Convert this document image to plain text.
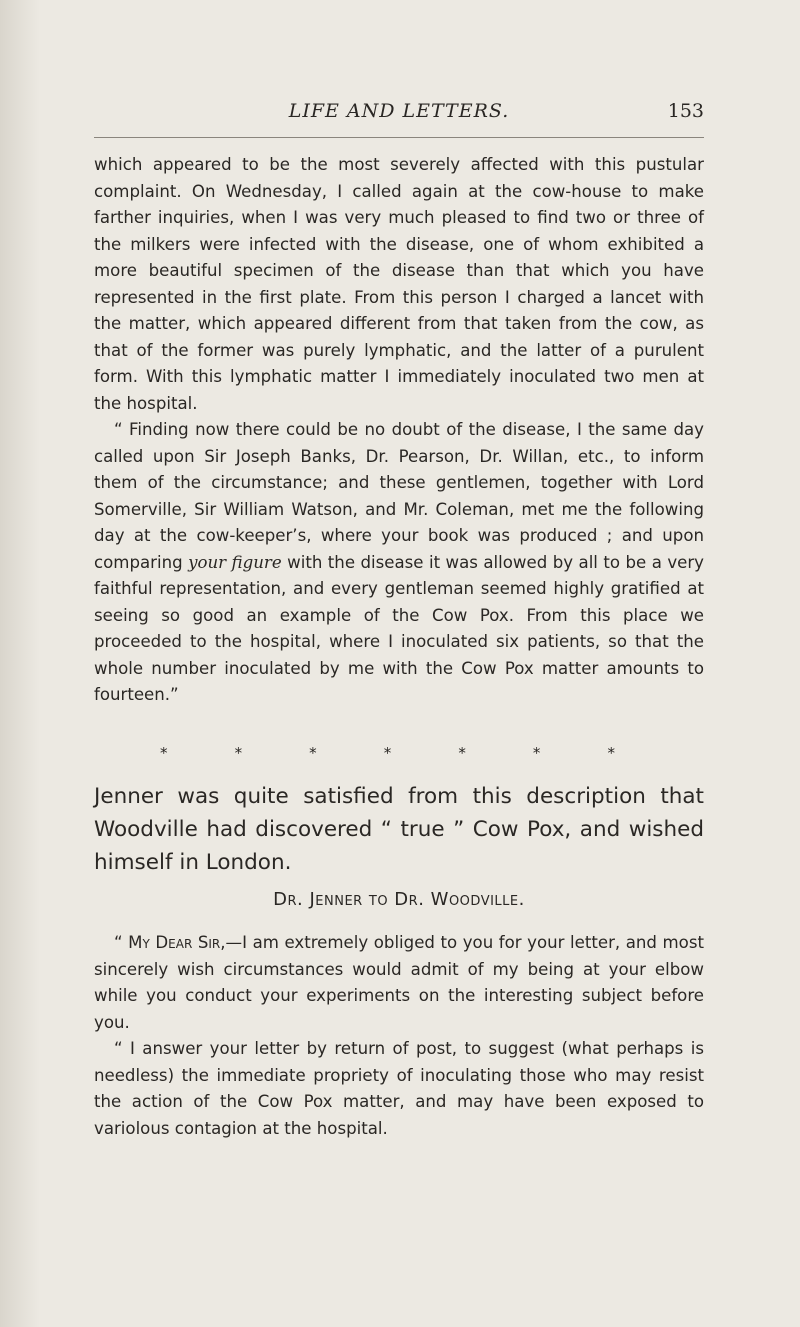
LIFE AND LETTERS.	153

which appeared to be the most severely affected with this pustular complaint. On Wednesday, I called again at the cow-house to make farther inquiries, when I was very much pleased to find two or three of the milkers were infected with the disease, one of whom exhibited a more beautiful specimen of the disease than that which you have represented in the first plate. From this person I charged a lancet with the matter, which appeared different from that taken from the cow, as that of the former was purely lymphatic, and the latter of a purulent form. With this lymphatic matter I immediately inoculated two men at the hospital.

“ Finding now there could be no doubt of the disease, I the same day called upon Sir Joseph Banks, Dr. Pearson, Dr. Willan, etc., to inform them of the circumstance; and these gentlemen, together with Lord Somerville, Sir William Watson, and Mr. Coleman, met me the following day at the cow-keeper’s, where your book was produced ; and upon comparing your figure with the disease it was allowed by all to be a very faithful representation, and every gentleman seemed highly gratified at seeing so good an example of the Cow Pox. From this place we proceeded to the hospital, where I inoculated six patients, so that the whole number inoculated by me with the Cow Pox matter amounts to fourteen.”

*	*	*	*	*	*	*

Jenner was quite satisfied from this description that Woodville had discovered “ true ” Cow Pox, and wished himself in London.

Dr. Jenner to Dr. Woodville.

“ My Dear Sir,—I am extremely obliged to you for your letter, and most sincerely wish circumstances would admit of my being at your elbow while you conduct your experiments on the interesting subject before you.

“ I answer your letter by return of post, to suggest (what perhaps is needless) the immediate propriety of inoculating those who may resist the action of the Cow Pox matter, and may have been exposed to variolous contagion at the hospital.
